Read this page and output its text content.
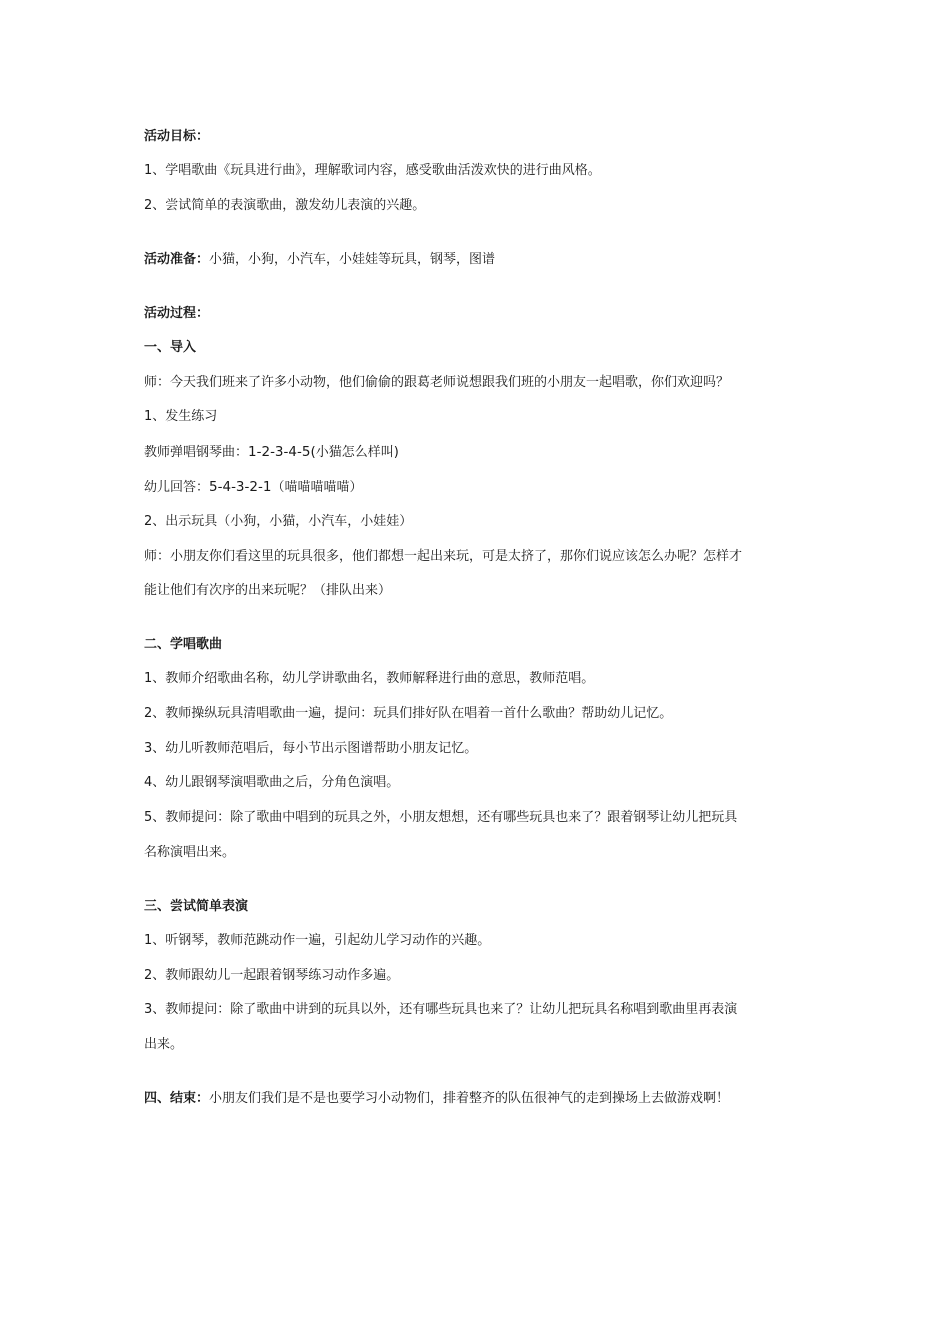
活动目标：
1、学唱歌曲《玩具进行曲》，理解歌词内容，感受歌曲活泼欢快的进行曲风格。
2、尝试简单的表演歌曲，激发幼儿表演的兴趣。
活动准备：小猫，小狗，小汽车，小娃娃等玩具，钢琴，图谱
活动过程：
一、导入
师：今天我们班来了许多小动物，他们偷偷的跟葛老师说想跟我们班的小朋友一起唱歌，你们欢迎吗？
1、发生练习
教师弹唱钢琴曲：1-2-3-4-5(小猫怎么样叫)
幼儿回答：5-4-3-2-1（喵喵喵喵喵）
2、出示玩具（小狗，小猫，小汽车，小娃娃）
师：小朋友你们看这里的玩具很多，他们都想一起出来玩，可是太挤了，那你们说应该怎么办呢？怎样才
能让他们有次序的出来玩呢？（排队出来）
二、学唱歌曲
1、教师介绍歌曲名称，幼儿学讲歌曲名，教师解释进行曲的意思，教师范唱。
2、教师操纵玩具清唱歌曲一遍，提问：玩具们排好队在唱着一首什么歌曲？帮助幼儿记忆。
3、幼儿听教师范唱后，每小节出示图谱帮助小朋友记忆。
4、幼儿跟钢琴演唱歌曲之后，分角色演唱。
5、教师提问：除了歌曲中唱到的玩具之外，小朋友想想，还有哪些玩具也来了？跟着钢琴让幼儿把玩具
名称演唱出来。
三、尝试简单表演
1、听钢琴，教师范跳动作一遍，引起幼儿学习动作的兴趣。
2、教师跟幼儿一起跟着钢琴练习动作多遍。
3、教师提问：除了歌曲中讲到的玩具以外，还有哪些玩具也来了？让幼儿把玩具名称唱到歌曲里再表演
出来。
四、结束：小朋友们我们是不是也要学习小动物们，排着整齐的队伍很神气的走到操场上去做游戏啊！
